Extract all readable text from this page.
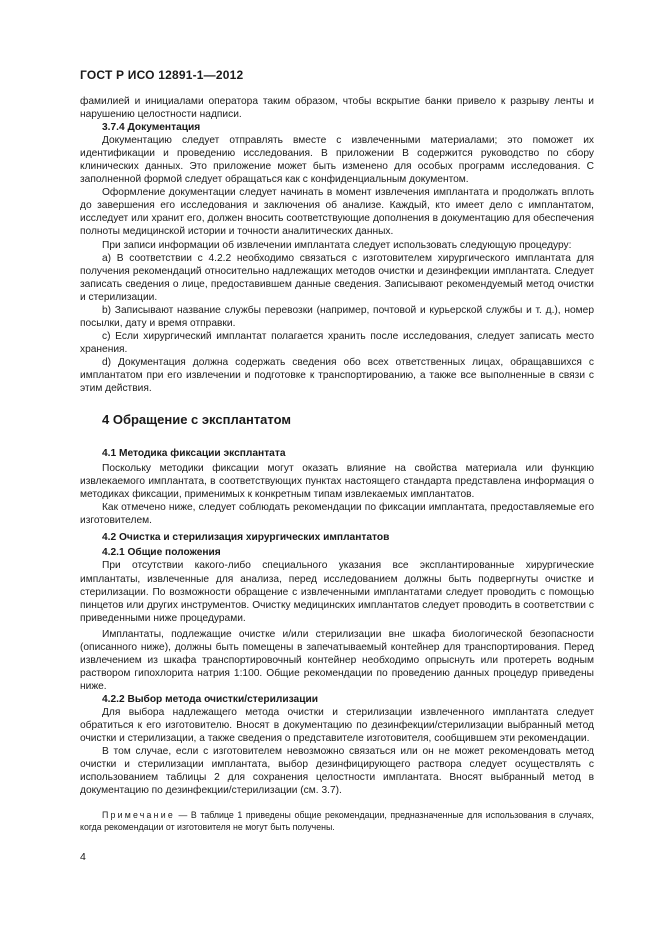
ГОСТ Р ИСО 12891-1—2012

фамилией и инициалами оператора таким образом, чтобы вскрытие банки привело к разрыву ленты и нарушению целостности надписи.

3.7.4 Документация

Документацию следует отправлять вместе с извлеченными материалами; это поможет их идентификации и проведению исследования. В приложении В содержится руководство по сбору клинических данных. Это приложение может быть изменено для особых программ исследования. С заполненной формой следует обращаться как с конфиденциальным документом.

Оформление документации следует начинать в момент извлечения имплантата и продолжать вплоть до завершения его исследования и заключения об анализе. Каждый, кто имеет дело с имплантатом, исследует или хранит его, должен вносить соответствующие дополнения в документацию для обеспечения полноты медицинской истории и точности аналитических данных.

При записи информации об извлечении имплантата следует использовать следующую процедуру:

а) В соответствии с 4.2.2 необходимо связаться с изготовителем хирургического имплантата для получения рекомендаций относительно надлежащих методов очистки и дезинфекции имплантата. Следует записать сведения о лице, предоставившем данные сведения. Записывают рекомендуемый метод очистки и стерилизации.

b) Записывают название службы перевозки (например, почтовой и курьерской службы и т. д.), номер посылки, дату и время отправки.

c) Если хирургический имплантат полагается хранить после исследования, следует записать место хранения.

d) Документация должна содержать сведения обо всех ответственных лицах, обращавшихся с имплантатом при его извлечении и подготовке к транспортированию, а также все выполненные в связи с этим действия.

4 Обращение с эксплантатом
4.1 Методика фиксации эксплантата

Поскольку методики фиксации могут оказать влияние на свойства материала или функцию извлекаемого имплантата, в соответствующих пунктах настоящего стандарта представлена информация о методиках фиксации, применимых к конкретным типам извлекаемых имплантатов.

Как отмечено ниже, следует соблюдать рекомендации по фиксации имплантата, предоставляемые его изготовителем.

4.2 Очистка и стерилизация хирургических имплантатов
4.2.1 Общие положения

При отсутствии какого-либо специального указания все эксплантированные хирургические имплантаты, извлеченные для анализа, перед исследованием должны быть подвергнуты очистке и стерилизации. По возможности обращение с извлеченными имплантатами следует проводить с помощью пинцетов или других инструментов. Очистку медицинских имплантатов следует проводить в соответствии с приведенными ниже процедурами.

Имплантаты, подлежащие очистке и/или стерилизации вне шкафа биологической безопасности (описанного ниже), должны быть помещены в запечатываемый контейнер для транспортирования. Перед извлечением из шкафа транспортировочный контейнер необходимо опрыснуть или протереть водным раствором гипохлорита натрия 1:100. Общие рекомендации по проведению данных процедур приведены ниже.

4.2.2 Выбор метода очистки/стерилизации

Для выбора надлежащего метода очистки и стерилизации извлеченного имплантата следует обратиться к его изготовителю. Вносят в документацию по дезинфекции/стерилизации выбранный метод очистки и стерилизации, а также сведения о представителе изготовителя, сообщившем эти рекомендации.

В том случае, если с изготовителем невозможно связаться или он не может рекомендовать метод очистки и стерилизации имплантата, выбор дезинфицирующего раствора следует осуществлять с использованием таблицы 2 для сохранения целостности имплантата. Вносят выбранный метод в документацию по дезинфекции/стерилизации (см. 3.7).

Примечание — В таблице 1 приведены общие рекомендации, предназначенные для использования в случаях, когда рекомендации от изготовителя не могут быть получены.

4
